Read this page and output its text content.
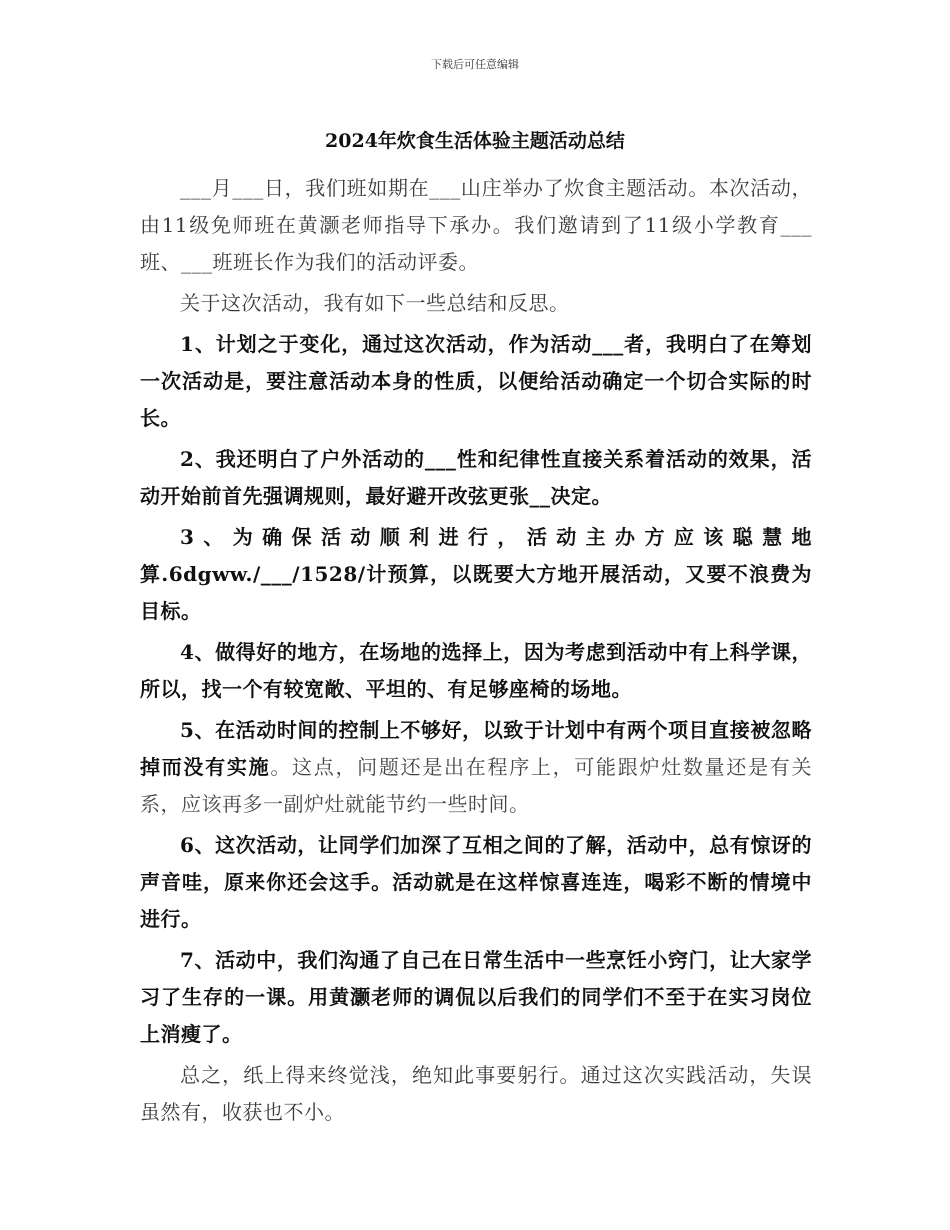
下载后可任意编辑
2024年炊食生活体验主题活动总结

___月___日，我们班如期在___山庄举办了炊食主题活动。本次活动，由11级免师班在黄灏老师指导下承办。我们邀请到了11级小学教育___班、___班班长作为我们的活动评委。

关于这次活动，我有如下一些总结和反思。

1、计划之于变化，通过这次活动，作为活动___者，我明白了在筹划一次活动是，要注意活动本身的性质，以便给活动确定一个切合实际的时长。

2、我还明白了户外活动的___性和纪律性直接关系着活动的效果，活动开始前首先强调规则，最好避开改弦更张__决定。

3、为确保活动顺利进行，活动主办方应该聪慧地算.6dgww./___/1528/计预算，以既要大方地开展活动，又要不浪费为目标。

4、做得好的地方，在场地的选择上，因为考虑到活动中有上科学课，所以，找一个有较宽敞、平坦的、有足够座椅的场地。

5、在活动时间的控制上不够好，以致于计划中有两个项目直接被忽略掉而没有实施。这点，问题还是出在程序上，可能跟炉灶数量还是有关系，应该再多一副炉灶就能节约一些时间。

6、这次活动，让同学们加深了互相之间的了解，活动中，总有惊讶的声音哇，原来你还会这手。活动就是在这样惊喜连连，喝彩不断的情境中进行。

7、活动中，我们沟通了自己在日常生活中一些烹饪小窍门，让大家学习了生存的一课。用黄灏老师的调侃以后我们的同学们不至于在实习岗位上消瘦了。

总之，纸上得来终觉浅，绝知此事要躬行。通过这次实践活动，失误虽然有，收获也不小。
